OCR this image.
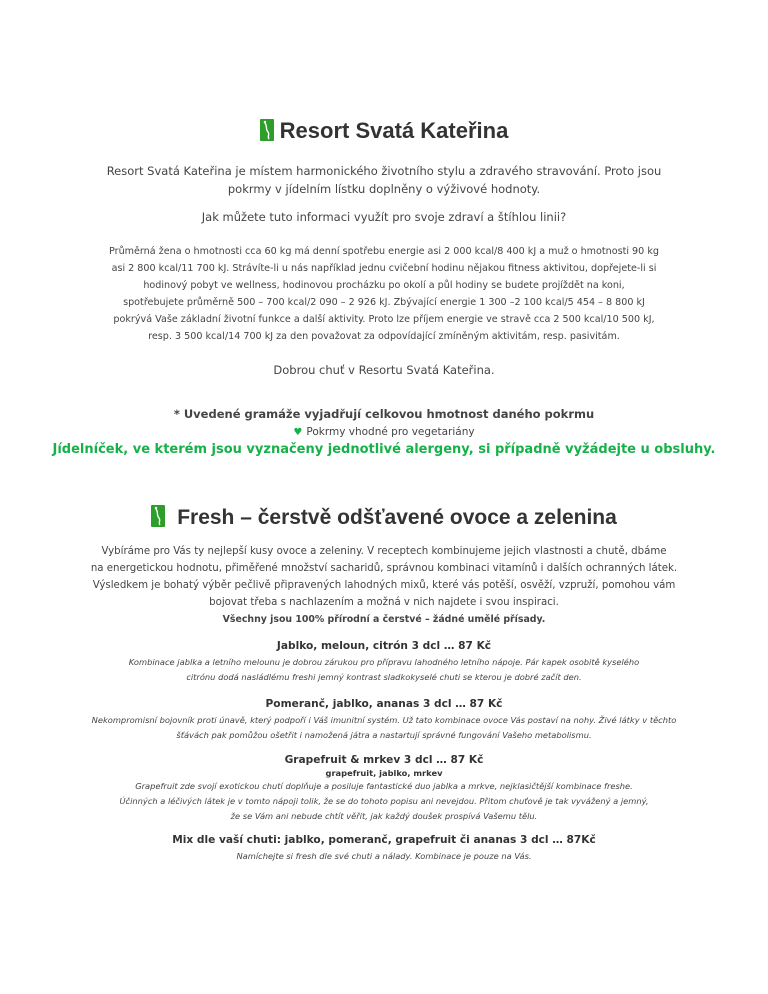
Resort Svatá Kateřina
Resort Svatá Kateřina je místem harmonického životního stylu a zdravého stravování. Proto jsou
pokrmy v jídelním lístku doplněny o výživové hodnoty.
Jak můžete tuto informaci využít pro svoje zdraví a štíhlou linii?
Průměrná žena o hmotnosti cca 60 kg má denní spotřebu energie asi 2 000 kcal/8 400 kJ a muž o hmotnosti 90 kg
asi 2 800 kcal/11 700 kJ. Strávíte-li u nás například jednu cvičební hodinu nějakou fitness aktivitou, dopřejete-li si
hodinový pobyt ve wellness, hodinovou procházku po okolí a půl hodiny se budete projíždět na koni,
spotřebujete průměrně 500 – 700 kcal/2 090 – 2 926 kJ. Zbývající energie 1 300 –2 100 kcal/5 454 – 8 800 kJ
pokrývá Vaše základní životní funkce a další aktivity. Proto lze příjem energie ve stravě cca 2 500 kcal/10 500 kJ,
resp. 3 500 kcal/14 700 kJ za den považovat za odpovídající zmíněným aktivitám, resp. pasivitám.
Dobrou chuť v Resortu Svatá Kateřina.
* Uvedené gramáže vyjadřují celkovou hmotnost daného pokrmu
♥ Pokrmy vhodné pro vegetariány
Jídelníček, ve kterém jsou vyznačeny jednotlivé alergeny, si případně vyžádejte u obsluhy.
Fresh – čerstvě odšťavené ovoce a zelenina
Vybíráme pro Vás ty nejlepší kusy ovoce a zeleniny. V receptech kombinujeme jejich vlastnosti a chutě, dbáme
na energetickou hodnotu, přiměřené množství sacharidů, správnou kombinaci vitamínů i dalších ochranných látek.
Výsledkem je bohatý výběr pečlivě připravených lahodných mixů, které vás potěší, osvěží, vzpruží, pomohou vám
bojovat třeba s nachlazením a možná v nich najdete i svou inspiraci.
Všechny jsou 100% přírodní a čerstvé – žádné umělé přísady.
Jablko, meloun, citrón 3 dcl … 87 Kč
Kombinace jablka a letního melounu je dobrou zárukou pro přípravu lahodného letního nápoje. Pár kapek osobitě kyselého
citrónu dodá nasládlému freshi jemný kontrast sladkokyselé chuti se kterou je dobré začít den.
Pomeranč, jablko, ananas 3 dcl … 87 Kč
Nekompromisní bojovník proti únavě, který podpoří i Váš imunitní systém. Už tato kombinace ovoce Vás postaví na nohy. Živé látky v těchto
šťávách pak pomůžou ošetřit i namožená játra a nastartují správné fungování Vašeho metabolismu.
Grapefruit & mrkev 3 dcl … 87 Kč
grapefruit, jablko, mrkev
Grapefruit zde svojí exotickou chutí doplňuje a posiluje fantastické duo jablka a mrkve, nejklasičtější kombinace freshe.
Účinných a léčivých látek je v tomto nápoji tolik, že se do tohoto popisu ani nevejdou. Přitom chuťově je tak vyvážený a jemný,
že se Vám ani nebude chtít věřit, jak každý doušek prospívá Vašemu tělu.
Mix dle vaší chuti: jablko, pomeranč, grapefruit či ananas 3 dcl … 87Kč
Namíchejte si fresh dle své chuti a nálady. Kombinace je pouze na Vás.
